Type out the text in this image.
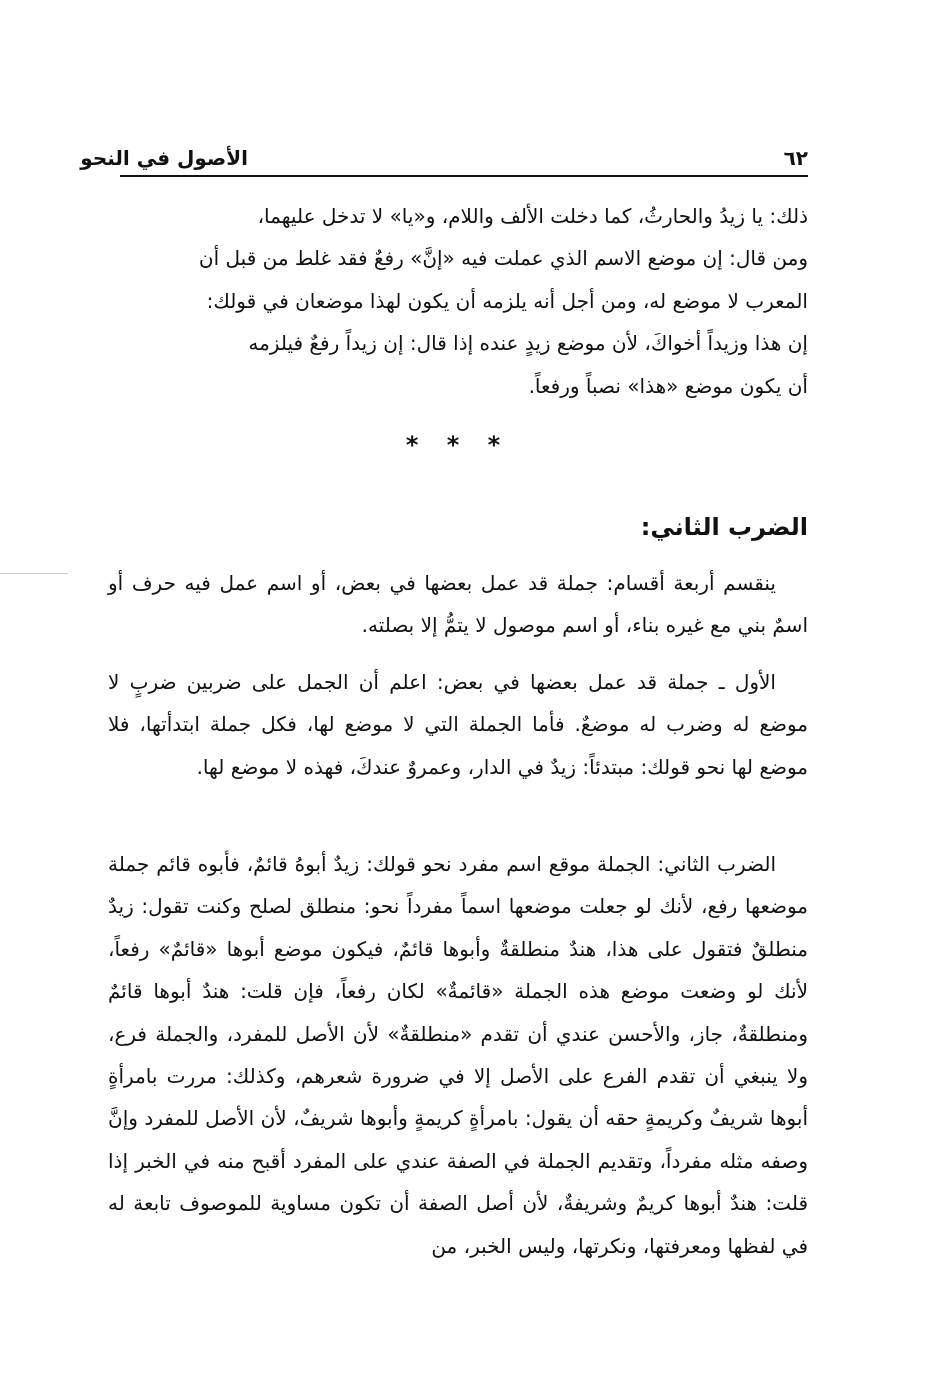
٦٢
الأصول في النحو

ذلك: يا زيدُ والحارثُ، كما دخلت الألف واللام، و«يا» لا تدخل عليهما،

ومن قال: إن موضع الاسم الذي عملت فيه «إنَّ» رفعٌ فقد غلط من قبل أن

المعرب لا موضع له، ومن أجل أنه يلزمه أن يكون لهذا موضعان في قولك:

إن هذا وزيداً أخواكَ، لأن موضع زيدٍ عنده إذا قال: إن زيداً رفعٌ فيلزمه

أن يكون موضع «هذا» نصباً ورفعاً.

* * *
الضرب الثاني:

ينقسم أربعة أقسام: جملة قد عمل بعضها في بعض، أو اسم عمل فيه حرف أو اسمٌ بني مع غيره بناء، أو اسم موصول لا يتمُّ إلا بصلته.

الأول ـ جملة قد عمل بعضها في بعض: اعلم أن الجمل على ضربين ضربٍ لا موضع له وضرب له موضعٌ. فأما الجملة التي لا موضع لها، فكل جملة ابتدأتها، فلا موضع لها نحو قولك: مبتدئاً: زيدٌ في الدار، وعمروٌ عندكَ، فهذه لا موضع لها.

الضرب الثاني: الجملة موقع اسم مفرد نحو قولك: زيدٌ أبوهُ قائمٌ، فأبوه قائم جملة موضعها رفع، لأنك لو جعلت موضعها اسماً مفرداً نحو: منطلق لصلح وكنت تقول: زيدٌ منطلقٌ فتقول على هذا، هندٌ منطلقةٌ وأبوها قائمٌ، فيكون موضع أبوها «قائمٌ» رفعاً، لأنك لو وضعت موضع هذه الجملة «قائمةٌ» لكان رفعاً، فإن قلت: هندٌ أبوها قائمٌ ومنطلقةٌ، جاز، والأحسن عندي أن تقدم «منطلقةٌ» لأن الأصل للمفرد، والجملة فرع، ولا ينبغي أن تقدم الفرع على الأصل إلا في ضرورة شعرهم، وكذلك: مررت بامرأةٍ أبوها شريفٌ وكريمةٍ حقه أن يقول: بامرأةٍ كريمةٍ وأبوها شريفٌ، لأن الأصل للمفرد وإنَّ وصفه مثله مفرداً، وتقديم الجملة في الصفة عندي على المفرد أقبح منه في الخبر إذا قلت: هندٌ أبوها كريمٌ وشريفةٌ، لأن أصل الصفة أن تكون مساوية للموصوف تابعة له في لفظها ومعرفتها، ونكرتها، وليس الخبر، من
